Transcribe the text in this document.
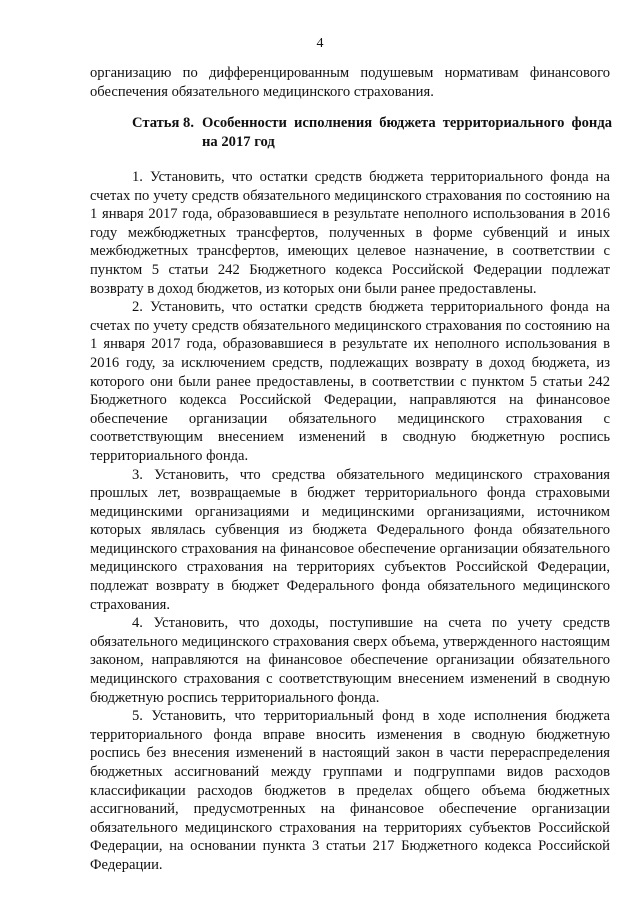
4
организацию по дифференцированным подушевым нормативам финансового обеспечения обязательного медицинского страхования.
Статья 8. Особенности исполнения бюджета территориального фонда на 2017 год

1. Установить, что остатки средств бюджета территориального фонда на счетах по учету средств обязательного медицинского страхования по состоянию на 1 января 2017 года, образовавшиеся в результате неполного использования в 2016 году межбюджетных трансфертов, полученных в форме субвенций и иных межбюджетных трансфертов, имеющих целевое назначение, в соответствии с пунктом 5 статьи 242 Бюджетного кодекса Российской Федерации подлежат возврату в доход бюджетов, из которых они были ранее предоставлены.

2. Установить, что остатки средств бюджета территориального фонда на счетах по учету средств обязательного медицинского страхования по состоянию на 1 января 2017 года, образовавшиеся в результате их неполного использования в 2016 году, за исключением средств, подлежащих возврату в доход бюджета, из которого они были ранее предоставлены, в соответствии с пунктом 5 статьи 242 Бюджетного кодекса Российской Федерации, направляются на финансовое обеспечение организации обязательного медицинского страхования с соответствующим внесением изменений в сводную бюджетную роспись территориального фонда.

3. Установить, что средства обязательного медицинского страхования прошлых лет, возвращаемые в бюджет территориального фонда страховыми медицинскими организациями и медицинскими организациями, источником которых являлась субвенция из бюджета Федерального фонда обязательного медицинского страхования на финансовое обеспечение организации обязательного медицинского страхования на территориях субъектов Российской Федерации, подлежат возврату в бюджет Федерального фонда обязательного медицинского страхования.

4. Установить, что доходы, поступившие на счета по учету средств обязательного медицинского страхования сверх объема, утвержденного настоящим законом, направляются на финансовое обеспечение организации обязательного медицинского страхования с соответствующим внесением изменений в сводную бюджетную роспись территориального фонда.

5. Установить, что территориальный фонд в ходе исполнения бюджета территориального фонда вправе вносить изменения в сводную бюджетную роспись без внесения изменений в настоящий закон в части перераспределения бюджетных ассигнований между группами и подгруппами видов расходов классификации расходов бюджетов в пределах общего объема бюджетных ассигнований, предусмотренных на финансовое обеспечение организации обязательного медицинского страхования на территориях субъектов Российской Федерации, на основании пункта 3 статьи 217 Бюджетного кодекса Российской Федерации.
